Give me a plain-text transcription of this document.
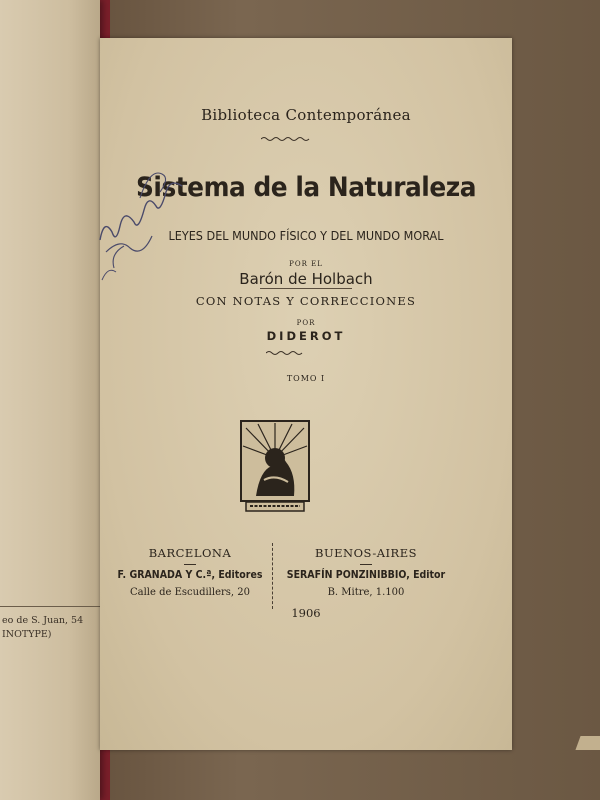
eo de S. Juan, 54
INOTYPE)
Biblioteca Contemporánea
Sistema de la Naturaleza
LEYES DEL MUNDO FÍSICO Y DEL MUNDO MORAL
POR EL
Barón de Holbach
CON NOTAS Y CORRECCIONES
POR
DIDEROT
TOMO I
BARCELONA
F. GRANADA Y C.ª, Editores
Calle de Escudillers, 20
BUENOS-AIRES
SERAFÍN PONZINIBBIO, Editor
B. Mitre, 1.100
1906
